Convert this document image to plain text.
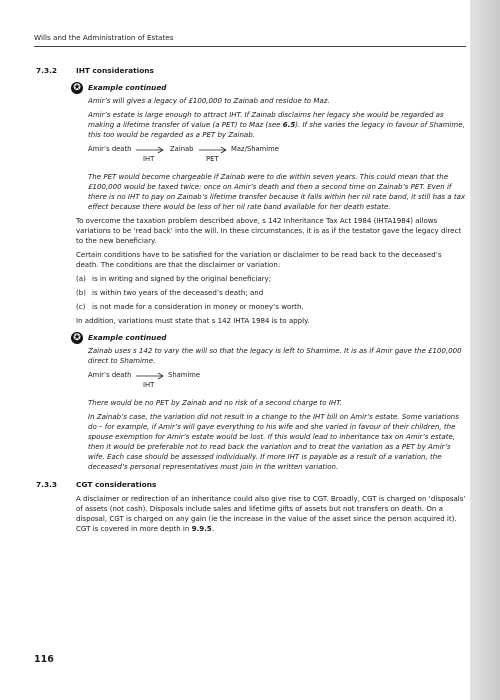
Wills and the Administration of Estates
7.3.2	IHT considerations
✪ Example continued

Amir’s will gives a legacy of £100,000 to Zainab and residue to Maz.

Amir’s estate is large enough to attract IHT. If Zainab disclaims her legacy she would be regarded as making a lifetime transfer of value (a PET) to Maz (see 6.5). If she varies the legacy in favour of Shamime, this too would be regarded as a PET by Zainab.

Amir’s death	Zainab	Maz/Shamime
IHT	PET

The PET would become chargeable if Zainab were to die within seven years. This could mean that the £100,000 would be taxed twice: once on Amir’s death and then a second time on Zainab’s PET. Even if there is no IHT to pay on Zainab’s lifetime transfer because it falls within her nil rate band, it still has a tax effect because there would be less of her nil rate band available for her death estate.

To overcome the taxation problem described above, s 142 Inheritance Tax Act 1984 (IHTA1984) allows variations to be ‘read back’ into the will. In these circumstances, it is as if the testator gave the legacy direct to the new beneficiary.

Certain conditions have to be satisfied for the variation or disclaimer to be read back to the deceased’s death. The conditions are that the disclaimer or variation:

(a) is in writing and signed by the original beneficiary;
(b) is within two years of the deceased’s death; and
(c) is not made for a consideration in money or money’s worth.

In addition, variations must state that s 142 IHTA 1984 is to apply.

✪ Example continued

Zainab uses s 142 to vary the will so that the legacy is left to Shamime. It is as if Amir gave the £100,000 direct to Shamime.

Amir’s death	Shamime
IHT

There would be no PET by Zainab and no risk of a second charge to IHT.

In Zainab’s case, the variation did not result in a change to the IHT bill on Amir’s estate. Some variations do – for example, if Amir’s will gave everything to his wife and she varied in favour of their children, the spouse exemption for Amir’s estate would be lost. If this would lead to inheritance tax on Amir’s estate, then it would be preferable not to read back the variation and to treat the variation as a PET by Amir’s wife. Each case should be assessed individually. If more IHT is payable as a result of a variation, the deceased’s personal representatives must join in the written variation.

7.3.3	CGT considerations

A disclaimer or redirection of an inheritance could also give rise to CGT. Broadly, CGT is charged on ‘disposals’ of assets (not cash). Disposals include sales and lifetime gifts of assets but not transfers on death. On a disposal, CGT is charged on any gain (ie the increase in the value of the asset since the person acquired it). CGT is covered in more depth in 9.9.5.

116
